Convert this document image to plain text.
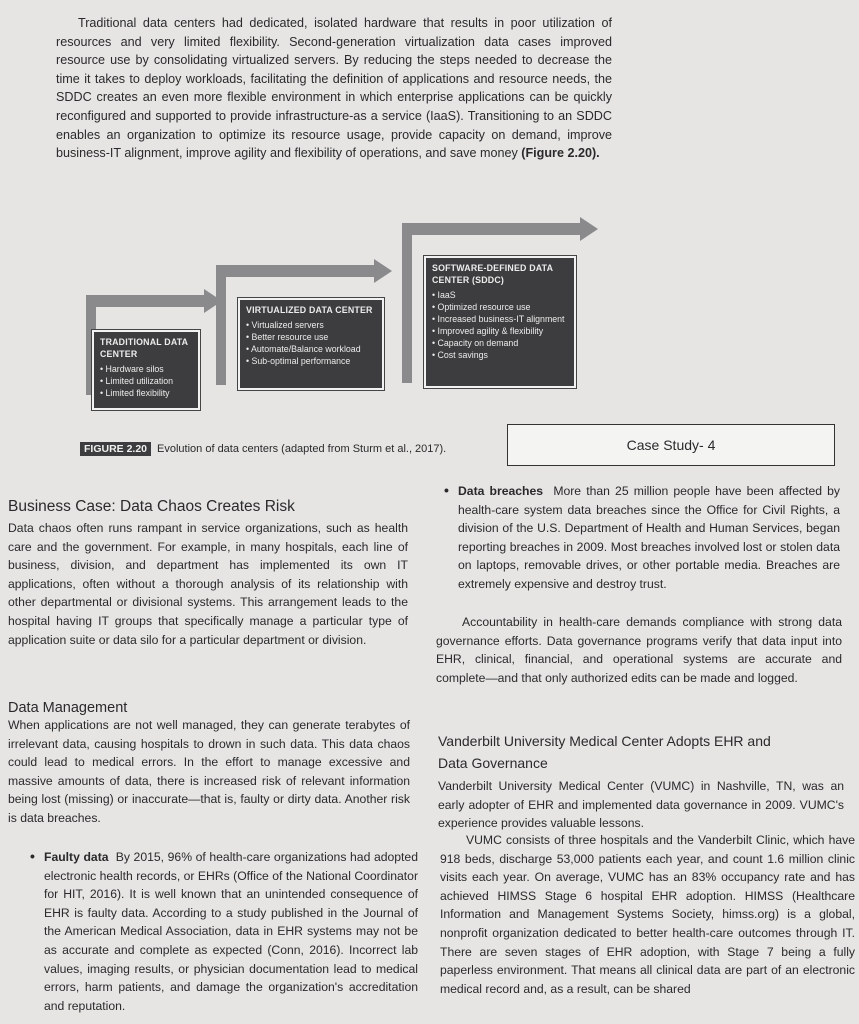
Traditional data centers had dedicated, isolated hardware that results in poor utilization of resources and very limited flexibility. Second-generation virtualization data cases improved resource use by consolidating virtualized servers. By reducing the steps needed to decrease the time it takes to deploy workloads, facilitating the definition of applications and resource needs, the SDDC creates an even more flexible environment in which enterprise applications can be quickly reconfigured and supported to provide infrastructure-as a service (IaaS). Transitioning to an SDDC enables an organization to optimize its resource usage, provide capacity on demand, improve business-IT alignment, improve agility and flexibility of operations, and save money (Figure 2.20).

TRADITIONAL DATA CENTER
• Hardware silos
• Limited utilization
• Limited flexibility
VIRTUALIZED DATA CENTER
• Virtualized servers
• Better resource use
• Automate/Balance workload
• Sub-optimal performance
SOFTWARE-DEFINED DATA CENTER (SDDC)
• IaaS
• Optimized resource use
• Increased business-IT alignment
• Improved agility & flexibility
• Capacity on demand
• Cost savings
FIGURE 2.20 Evolution of data centers (adapted from Sturm et al., 2017).	Case Study- 4
Business Case: Data Chaos Creates Risk

Data chaos often runs rampant in service organizations, such as health care and the government. For example, in many hospitals, each line of business, division, and department has implemented its own IT applications, often without a thorough analysis of its relationship with other departmental or divisional systems. This arrangement leads to the hospital having IT groups that specifically manage a particular type of application suite or data silo for a particular department or division.

Data Management

When applications are not well managed, they can generate terabytes of irrelevant data, causing hospitals to drown in such data. This data chaos could lead to medical errors. In the effort to manage excessive and massive amounts of data, there is increased risk of relevant information being lost (missing) or inaccurate—that is, faulty or dirty data. Another risk is data breaches.

• Faulty data By 2015, 96% of health-care organizations had adopted electronic health records, or EHRs (Office of the National Coordinator for HIT, 2016). It is well known that an unintended consequence of EHR is faulty data. According to a study published in the Journal of the American Medical Association, data in EHR systems may not be as accurate and complete as expected (Conn, 2016). Incorrect lab values, imaging results, or physician documentation lead to medical errors, harm patients, and damage the organization's accreditation and reputation.

• Data breaches More than 25 million people have been affected by health-care system data breaches since the Office for Civil Rights, a division of the U.S. Department of Health and Human Services, began reporting breaches in 2009. Most breaches involved lost or stolen data on laptops, removable drives, or other portable media. Breaches are extremely expensive and destroy trust.

Accountability in health-care demands compliance with strong data governance efforts. Data governance programs verify that data input into EHR, clinical, financial, and operational systems are accurate and complete—and that only authorized edits can be made and logged.

Vanderbilt University Medical Center Adopts EHR and Data Governance

Vanderbilt University Medical Center (VUMC) in Nashville, TN, was an early adopter of EHR and implemented data governance in 2009. VUMC's experience provides valuable lessons.

VUMC consists of three hospitals and the Vanderbilt Clinic, which have 918 beds, discharge 53,000 patients each year, and count 1.6 million clinic visits each year. On average, VUMC has an 83% occupancy rate and has achieved HIMSS Stage 6 hospital EHR adoption. HIMSS (Healthcare Information and Management Systems Society, himss.org) is a global, nonprofit organization dedicated to better health-care outcomes through IT. There are seven stages of EHR adoption, with Stage 7 being a fully paperless environment. That means all clinical data are part of an electronic medical record and, as a result, can be shared
